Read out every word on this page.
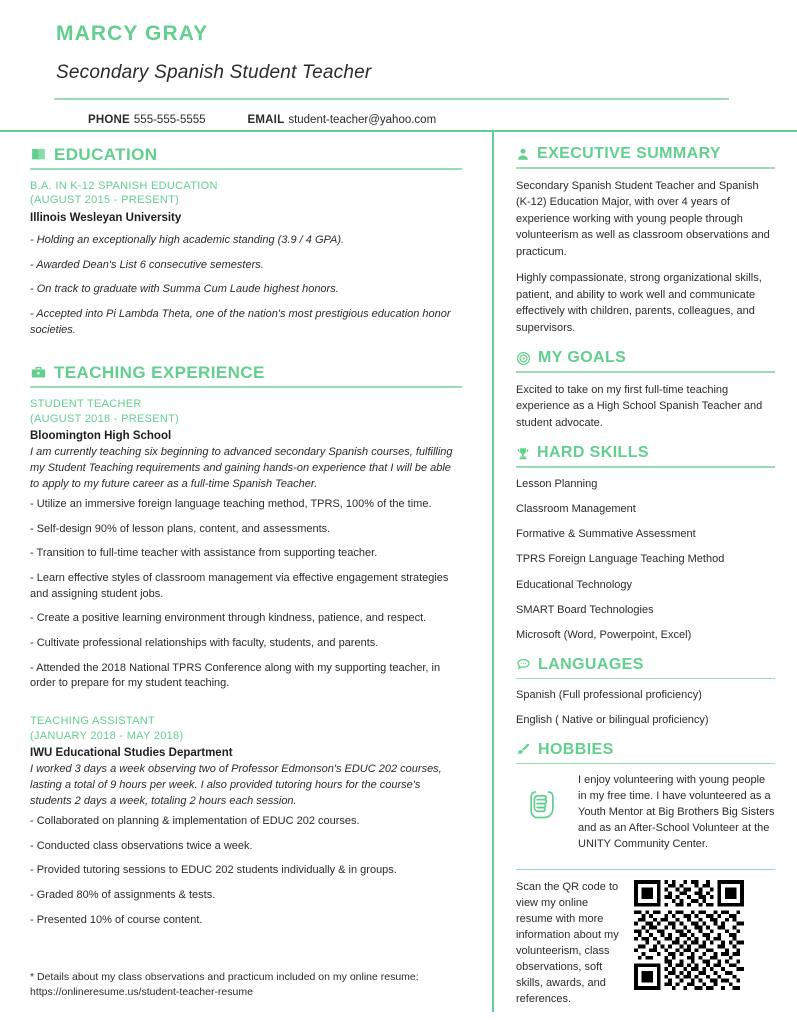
MARCY GRAY
Secondary Spanish Student Teacher
PHONE 555-555-5555	EMAIL student-teacher@yahoo.com
EDUCATION
B.A. IN K-12 SPANISH EDUCATION
(AUGUST 2015 - PRESENT)
Illinois Wesleyan University
- Holding an exceptionally high academic standing (3.9 / 4 GPA).
- Awarded Dean's List 6 consecutive semesters.
- On track to graduate with Summa Cum Laude highest honors.
- Accepted into Pi Lambda Theta, one of the nation's most prestigious education honor societies.
TEACHING EXPERIENCE
STUDENT TEACHER
(AUGUST 2018 - PRESENT)
Bloomington High School
I am currently teaching six beginning to advanced secondary Spanish courses, fulfilling my Student Teaching requirements and gaining hands-on experience that I will be able to apply to my future career as a full-time Spanish Teacher.
- Utilize an immersive foreign language teaching method, TPRS, 100% of the time.
- Self-design 90% of lesson plans, content, and assessments.
- Transition to full-time teacher with assistance from supporting teacher.
- Learn effective styles of classroom management via effective engagement strategies and assigning student jobs.
- Create a positive learning environment through kindness, patience, and respect.
- Cultivate professional relationships with faculty, students, and parents.
- Attended the 2018 National TPRS Conference along with my supporting teacher, in order to prepare for my student teaching.
TEACHING ASSISTANT
(JANUARY 2018 - MAY 2018)
IWU Educational Studies Department
I worked 3 days a week observing two of Professor Edmonson's EDUC 202 courses, lasting a total of 9 hours per week. I also provided tutoring hours for the course's students 2 days a week, totaling 2 hours each session.
- Collaborated on planning & implementation of EDUC 202 courses.
- Conducted class observations twice a week.
- Provided tutoring sessions to EDUC 202 students individually & in groups.
- Graded 80% of assignments & tests.
- Presented 10% of course content.
* Details about my class observations and practicum included on my online resume: https://onlineresume.us/student-teacher-resume
EXECUTIVE SUMMARY

Secondary Spanish Student Teacher and Spanish (K-12) Education Major, with over 4 years of experience working with young people through volunteerism as well as classroom observations and practicum.

Highly compassionate, strong organizational skills, patient, and ability to work well and communicate effectively with children, parents, colleagues, and supervisors.

MY GOALS

Excited to take on my first full-time teaching experience as a High School Spanish Teacher and student advocate.

HARD SKILLS
Lesson Planning
Classroom Management
Formative & Summative Assessment
TPRS Foreign Language Teaching Method
Educational Technology
SMART Board Technologies
Microsoft (Word, Powerpoint, Excel)
LANGUAGES
Spanish (Full professional proficiency)
English ( Native or bilingual proficiency)
HOBBIES
I enjoy volunteering with young people in my free time. I have volunteered as a Youth Mentor at Big Brothers Big Sisters and as an After-School Volunteer at the UNITY Community Center.
Scan the QR code to view my online resume with more information about my volunteerism, class observations, soft skills, awards, and references.
